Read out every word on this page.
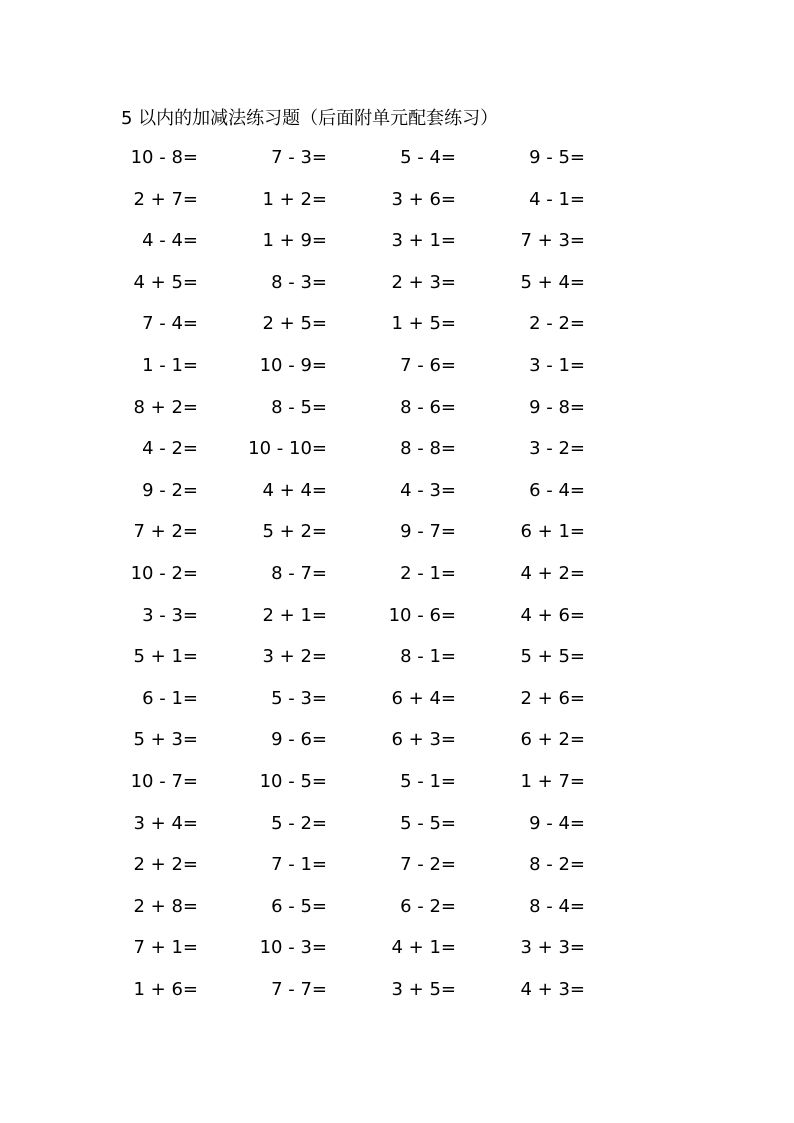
5 以内的加减法练习题（后面附单元配套练习）
10 - 8=	7 - 3=	5 - 4=	9 - 5=
2 + 7=	1 + 2=	3 + 6=	4 - 1=
4 - 4=	1 + 9=	3 + 1=	7 + 3=
4 + 5=	8 - 3=	2 + 3=	5 + 4=
7 - 4=	2 + 5=	1 + 5=	2 - 2=
1 - 1=	10 - 9=	7 - 6=	3 - 1=
8 + 2=	8 - 5=	8 - 6=	9 - 8=
4 - 2=	10 - 10=	8 - 8=	3 - 2=
9 - 2=	4 + 4=	4 - 3=	6 - 4=
7 + 2=	5 + 2=	9 - 7=	6 + 1=
10 - 2=	8 - 7=	2 - 1=	4 + 2=
3 - 3=	2 + 1=	10 - 6=	4 + 6=
5 + 1=	3 + 2=	8 - 1=	5 + 5=
6 - 1=	5 - 3=	6 + 4=	2 + 6=
5 + 3=	9 - 6=	6 + 3=	6 + 2=
10 - 7=	10 - 5=	5 - 1=	1 + 7=
3 + 4=	5 - 2=	5 - 5=	9 - 4=
2 + 2=	7 - 1=	7 - 2=	8 - 2=
2 + 8=	6 - 5=	6 - 2=	8 - 4=
7 + 1=	10 - 3=	4 + 1=	3 + 3=
1 + 6=	7 - 7=	3 + 5=	4 + 3=
